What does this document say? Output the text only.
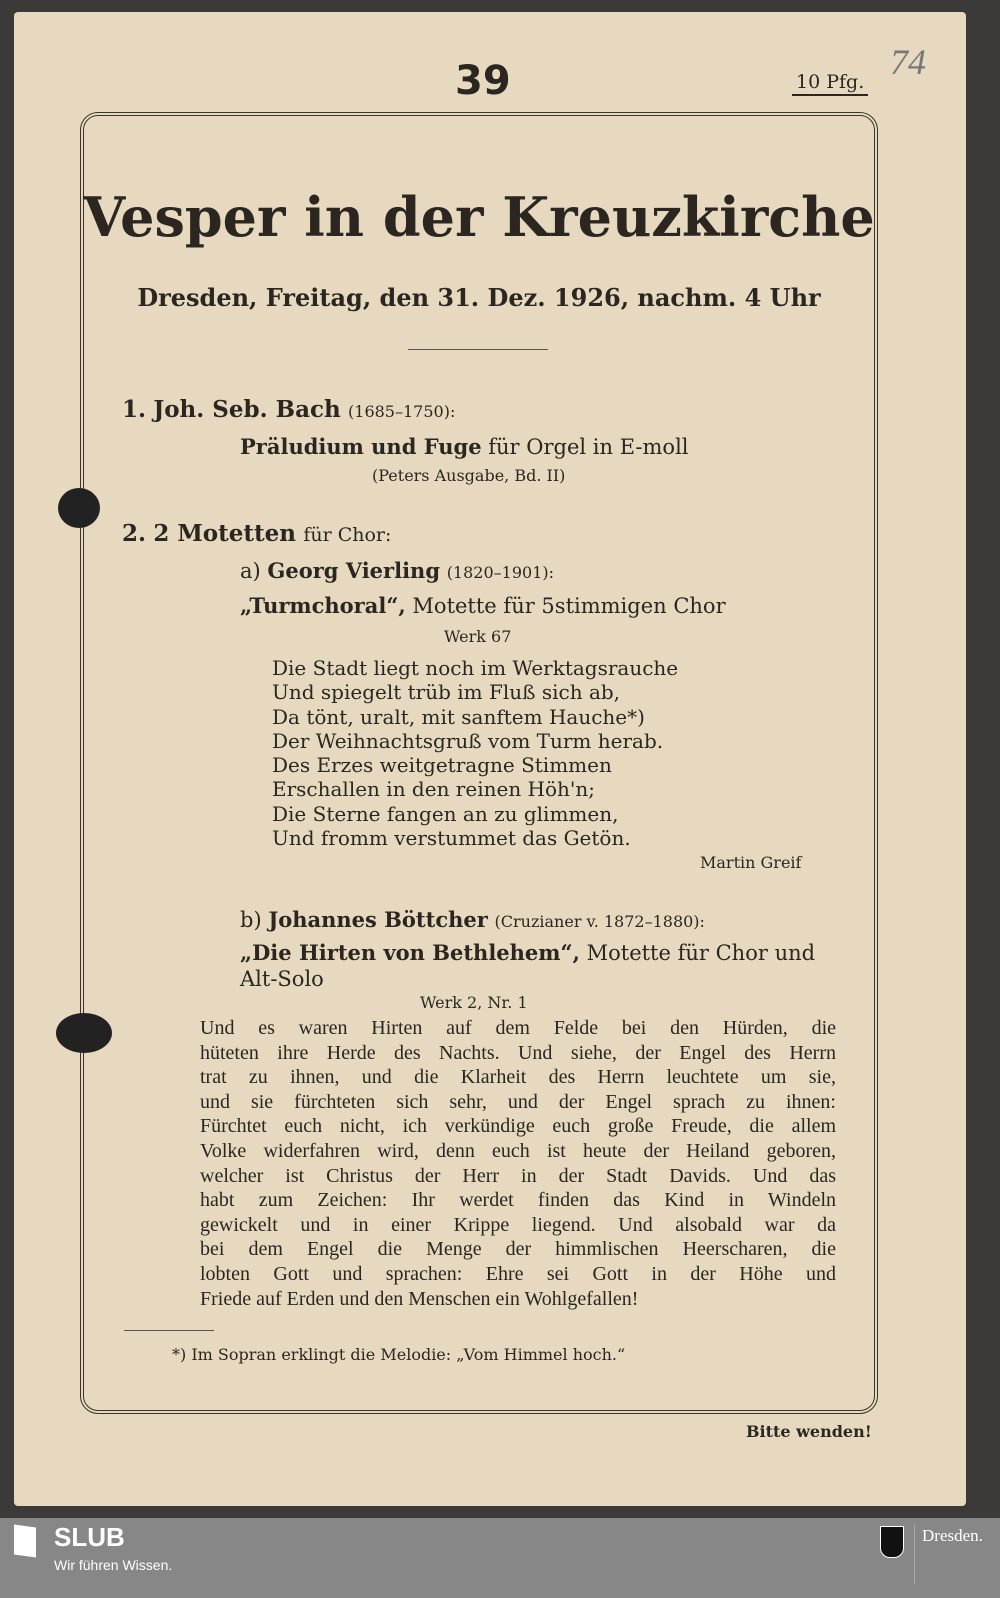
39	10 Pfg. 74
Vesper in der Kreuzkirche
Dresden, Freitag, den 31. Dez. 1926, nachm. 4 Uhr
1. Joh. Seb. Bach (1685–1750):
Präludium und Fuge für Orgel in E-moll
(Peters Ausgabe, Bd. II)
2. 2 Motetten für Chor:
a) Georg Vierling (1820–1901):
„Turmchoral“, Motette für 5stimmigen Chor
Werk 67
Die Stadt liegt noch im Werktagsrauche
Und spiegelt trüb im Fluß sich ab,
Da tönt, uralt, mit sanftem Hauche*)
Der Weihnachtsgruß vom Turm herab.
Des Erzes weitgetragne Stimmen
Erschallen in den reinen Höh'n;
Die Sterne fangen an zu glimmen,
Und fromm verstummet das Getön.
Martin Greif
b) Johannes Böttcher (Cruzianer v. 1872–1880):
„Die Hirten von Bethlehem“, Motette für Chor und
Alt-Solo
Werk 2, Nr. 1
Und es waren Hirten auf dem Felde bei den Hürden, die
hüteten ihre Herde des Nachts. Und siehe, der Engel des Herrn
trat zu ihnen, und die Klarheit des Herrn leuchtete um sie,
und sie fürchteten sich sehr, und der Engel sprach zu ihnen:
Fürchtet euch nicht, ich verkündige euch große Freude, die allem
Volke widerfahren wird, denn euch ist heute der Heiland geboren,
welcher ist Christus der Herr in der Stadt Davids. Und das
habt zum Zeichen: Ihr werdet finden das Kind in Windeln
gewickelt und in einer Krippe liegend. Und alsobald war da
bei dem Engel die Menge der himmlischen Heerscharen, die
lobten Gott und sprachen: Ehre sei Gott in der Höhe und
Friede auf Erden und den Menschen ein Wohlgefallen!
*) Im Sopran erklingt die Melodie: „Vom Himmel hoch.“
Bitte wenden!
SLUB
Wir führen Wissen.
Dresden.
